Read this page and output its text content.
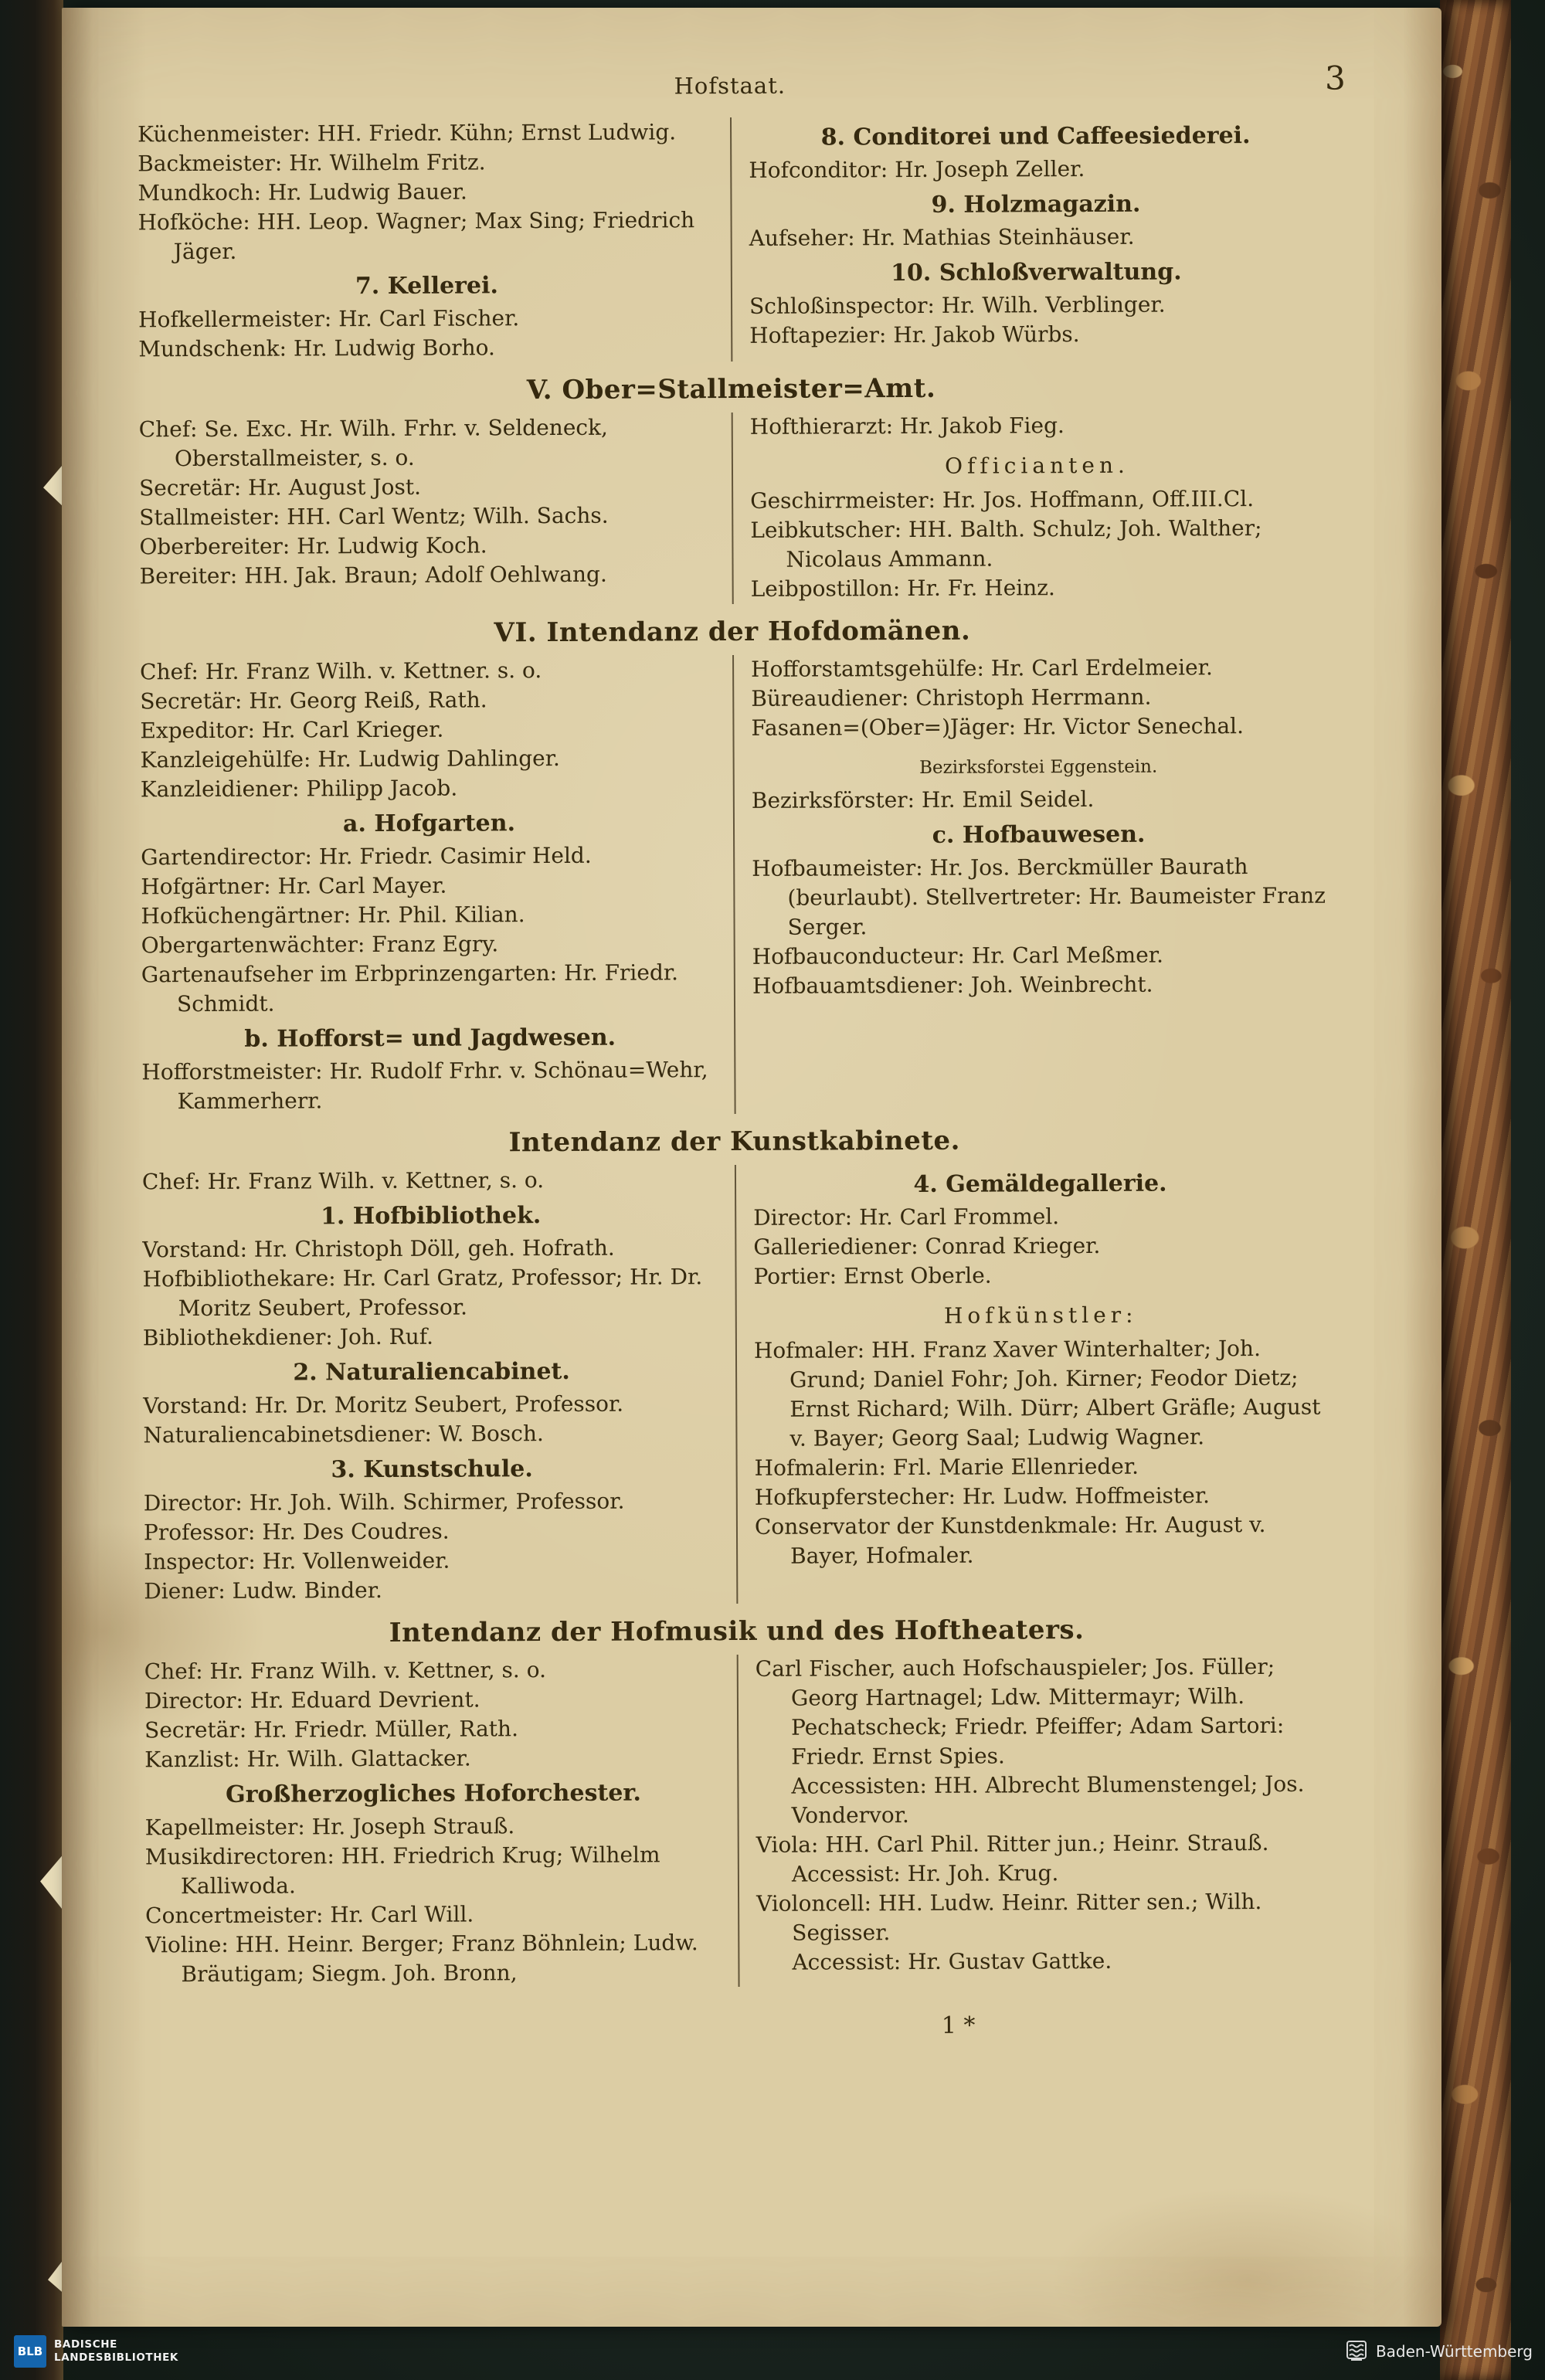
Hofstaat.	3
Küchenmeister: HH. Friedr. Kühn; Ernst Ludwig.
Backmeister: Hr. Wilhelm Fritz.
Mundkoch: Hr. Ludwig Bauer.
Hofköche: HH. Leop. Wagner; Max Sing; Friedrich Jäger.
7. Kellerei.
Hofkellermeister: Hr. Carl Fischer.
Mundschenk: Hr. Ludwig Borho.
8. Conditorei und Caffeesiederei.
Hofconditor: Hr. Joseph Zeller.
9. Holzmagazin.
Aufseher: Hr. Mathias Steinhäuser.
10. Schloßverwaltung.
Schloßinspector: Hr. Wilh. Verblinger.
Hoftapezier: Hr. Jakob Würbs.
V. Ober=Stallmeister=Amt.
Chef: Se. Exc. Hr. Wilh. Frhr. v. Seldeneck, Oberstallmeister, s. o.
Secretär: Hr. August Jost.
Stallmeister: HH. Carl Wentz; Wilh. Sachs.
Oberbereiter: Hr. Ludwig Koch.
Bereiter: HH. Jak. Braun; Adolf Oehlwang.
Hofthierarzt: Hr. Jakob Fieg.
Officianten.
Geschirrmeister: Hr. Jos. Hoffmann, Off.III.Cl.
Leibkutscher: HH. Balth. Schulz; Joh. Walther; Nicolaus Ammann.
Leibpostillon: Hr. Fr. Heinz.
VI. Intendanz der Hofdomänen.
Chef: Hr. Franz Wilh. v. Kettner. s. o.
Secretär: Hr. Georg Reiß, Rath.
Expeditor: Hr. Carl Krieger.
Kanzleigehülfe: Hr. Ludwig Dahlinger.
Kanzleidiener: Philipp Jacob.
a. Hofgarten.
Gartendirector: Hr. Friedr. Casimir Held.
Hofgärtner: Hr. Carl Mayer.
Hofküchengärtner: Hr. Phil. Kilian.
Obergartenwächter: Franz Egry.
Gartenaufseher im Erbprinzengarten: Hr. Friedr. Schmidt.
b. Hofforst= und Jagdwesen.
Hofforstmeister: Hr. Rudolf Frhr. v. Schönau=Wehr, Kammerherr.
Hofforstamtsgehülfe: Hr. Carl Erdelmeier.
Büreaudiener: Christoph Herrmann.
Fasanen=(Ober=)Jäger: Hr. Victor Senechal.
Bezirksforstei Eggenstein.
Bezirksförster: Hr. Emil Seidel.
c. Hofbauwesen.
Hofbaumeister: Hr. Jos. Berckmüller Baurath (beurlaubt). Stellvertreter: Hr. Baumeister Franz Serger.
Hofbauconducteur: Hr. Carl Meßmer.
Hofbauamtsdiener: Joh. Weinbrecht.
Intendanz der Kunstkabinete.
Chef: Hr. Franz Wilh. v. Kettner, s. o.
1. Hofbibliothek.
Vorstand: Hr. Christoph Döll, geh. Hofrath.
Hofbibliothekare: Hr. Carl Gratz, Professor; Hr. Dr. Moritz Seubert, Professor.
Bibliothekdiener: Joh. Ruf.
2. Naturaliencabinet.
Vorstand: Hr. Dr. Moritz Seubert, Professor.
Naturaliencabinetsdiener: W. Bosch.
3. Kunstschule.
Director: Hr. Joh. Wilh. Schirmer, Professor.
Professor: Hr. Des Coudres.
Inspector: Hr. Vollenweider.
Diener: Ludw. Binder.
4. Gemäldegallerie.
Director: Hr. Carl Frommel.
Galleriediener: Conrad Krieger.
Portier: Ernst Oberle.
Hofkünstler:
Hofmaler: HH. Franz Xaver Winterhalter; Joh. Grund; Daniel Fohr; Joh. Kirner; Feodor Dietz; Ernst Richard; Wilh. Dürr; Albert Gräfle; August v. Bayer; Georg Saal; Ludwig Wagner.
Hofmalerin: Frl. Marie Ellenrieder.
Hofkupferstecher: Hr. Ludw. Hoffmeister.
Conservator der Kunstdenkmale: Hr. August v. Bayer, Hofmaler.
Intendanz der Hofmusik und des Hoftheaters.
Chef: Hr. Franz Wilh. v. Kettner, s. o.
Director: Hr. Eduard Devrient.
Secretär: Hr. Friedr. Müller, Rath.
Kanzlist: Hr. Wilh. Glattacker.
Großherzogliches Hoforchester.
Kapellmeister: Hr. Joseph Strauß.
Musikdirectoren: HH. Friedrich Krug; Wilhelm Kalliwoda.
Concertmeister: Hr. Carl Will.
Violine: HH. Heinr. Berger; Franz Böhnlein; Ludw. Bräutigam; Siegm. Joh. Bronn,
Carl Fischer, auch Hofschauspieler; Jos. Füller; Georg Hartnagel; Ldw. Mittermayr; Wilh. Pechatscheck; Friedr. Pfeiffer; Adam Sartori: Friedr. Ernst Spies.
Accessisten: HH. Albrecht Blumenstengel; Jos. Vondervor.
Viola: HH. Carl Phil. Ritter jun.; Heinr. Strauß.
Accessist: Hr. Joh. Krug.
Violoncell: HH. Ludw. Heinr. Ritter sen.; Wilh. Segisser.
Accessist: Hr. Gustav Gattke.
1 *
BLB	BADISCHE
LANDESBIBLIOTHEK	Baden-Württemberg
